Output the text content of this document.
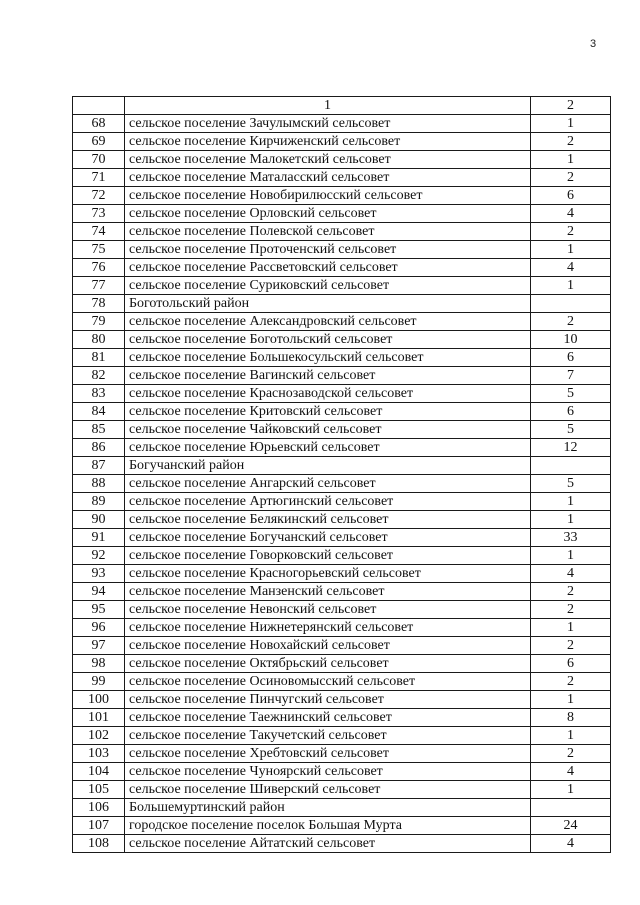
3
	1	2
68	сельское поселение Зачулымский сельсовет	1
69	сельское поселение Кирчиженский сельсовет	2
70	сельское поселение Малокетский сельсовет	1
71	сельское поселение Маталасский сельсовет	2
72	сельское поселение Новобирилюсский сельсовет	6
73	сельское поселение Орловский сельсовет	4
74	сельское поселение Полевской сельсовет	2
75	сельское поселение Проточенский сельсовет	1
76	сельское поселение Рассветовский сельсовет	4
77	сельское поселение Суриковский сельсовет	1
78	Боготольский район	
79	сельское поселение Александровский сельсовет	2
80	сельское поселение Боготольский сельсовет	10
81	сельское поселение Большекосульский сельсовет	6
82	сельское поселение Вагинский сельсовет	7
83	сельское поселение Краснозаводской сельсовет	5
84	сельское поселение Критовский сельсовет	6
85	сельское поселение Чайковский сельсовет	5
86	сельское поселение Юрьевский сельсовет	12
87	Богучанский район	
88	сельское поселение Ангарский сельсовет	5
89	сельское поселение Артюгинский сельсовет	1
90	сельское поселение Белякинский сельсовет	1
91	сельское поселение Богучанский сельсовет	33
92	сельское поселение Говорковский сельсовет	1
93	сельское поселение Красногорьевский сельсовет	4
94	сельское поселение Манзенский сельсовет	2
95	сельское поселение Невонский сельсовет	2
96	сельское поселение Нижнетерянский сельсовет	1
97	сельское поселение Новохайский сельсовет	2
98	сельское поселение Октябрьский сельсовет	6
99	сельское поселение Осиновомысский сельсовет	2
100	сельское поселение Пинчугский сельсовет	1
101	сельское поселение Таежнинский сельсовет	8
102	сельское поселение Такучетский сельсовет	1
103	сельское поселение Хребтовский сельсовет	2
104	сельское поселение Чуноярский сельсовет	4
105	сельское поселение Шиверский сельсовет	1
106	Большемуртинский район	
107	городское поселение поселок Большая Мурта	24
108	сельское поселение Айтатский сельсовет	4
